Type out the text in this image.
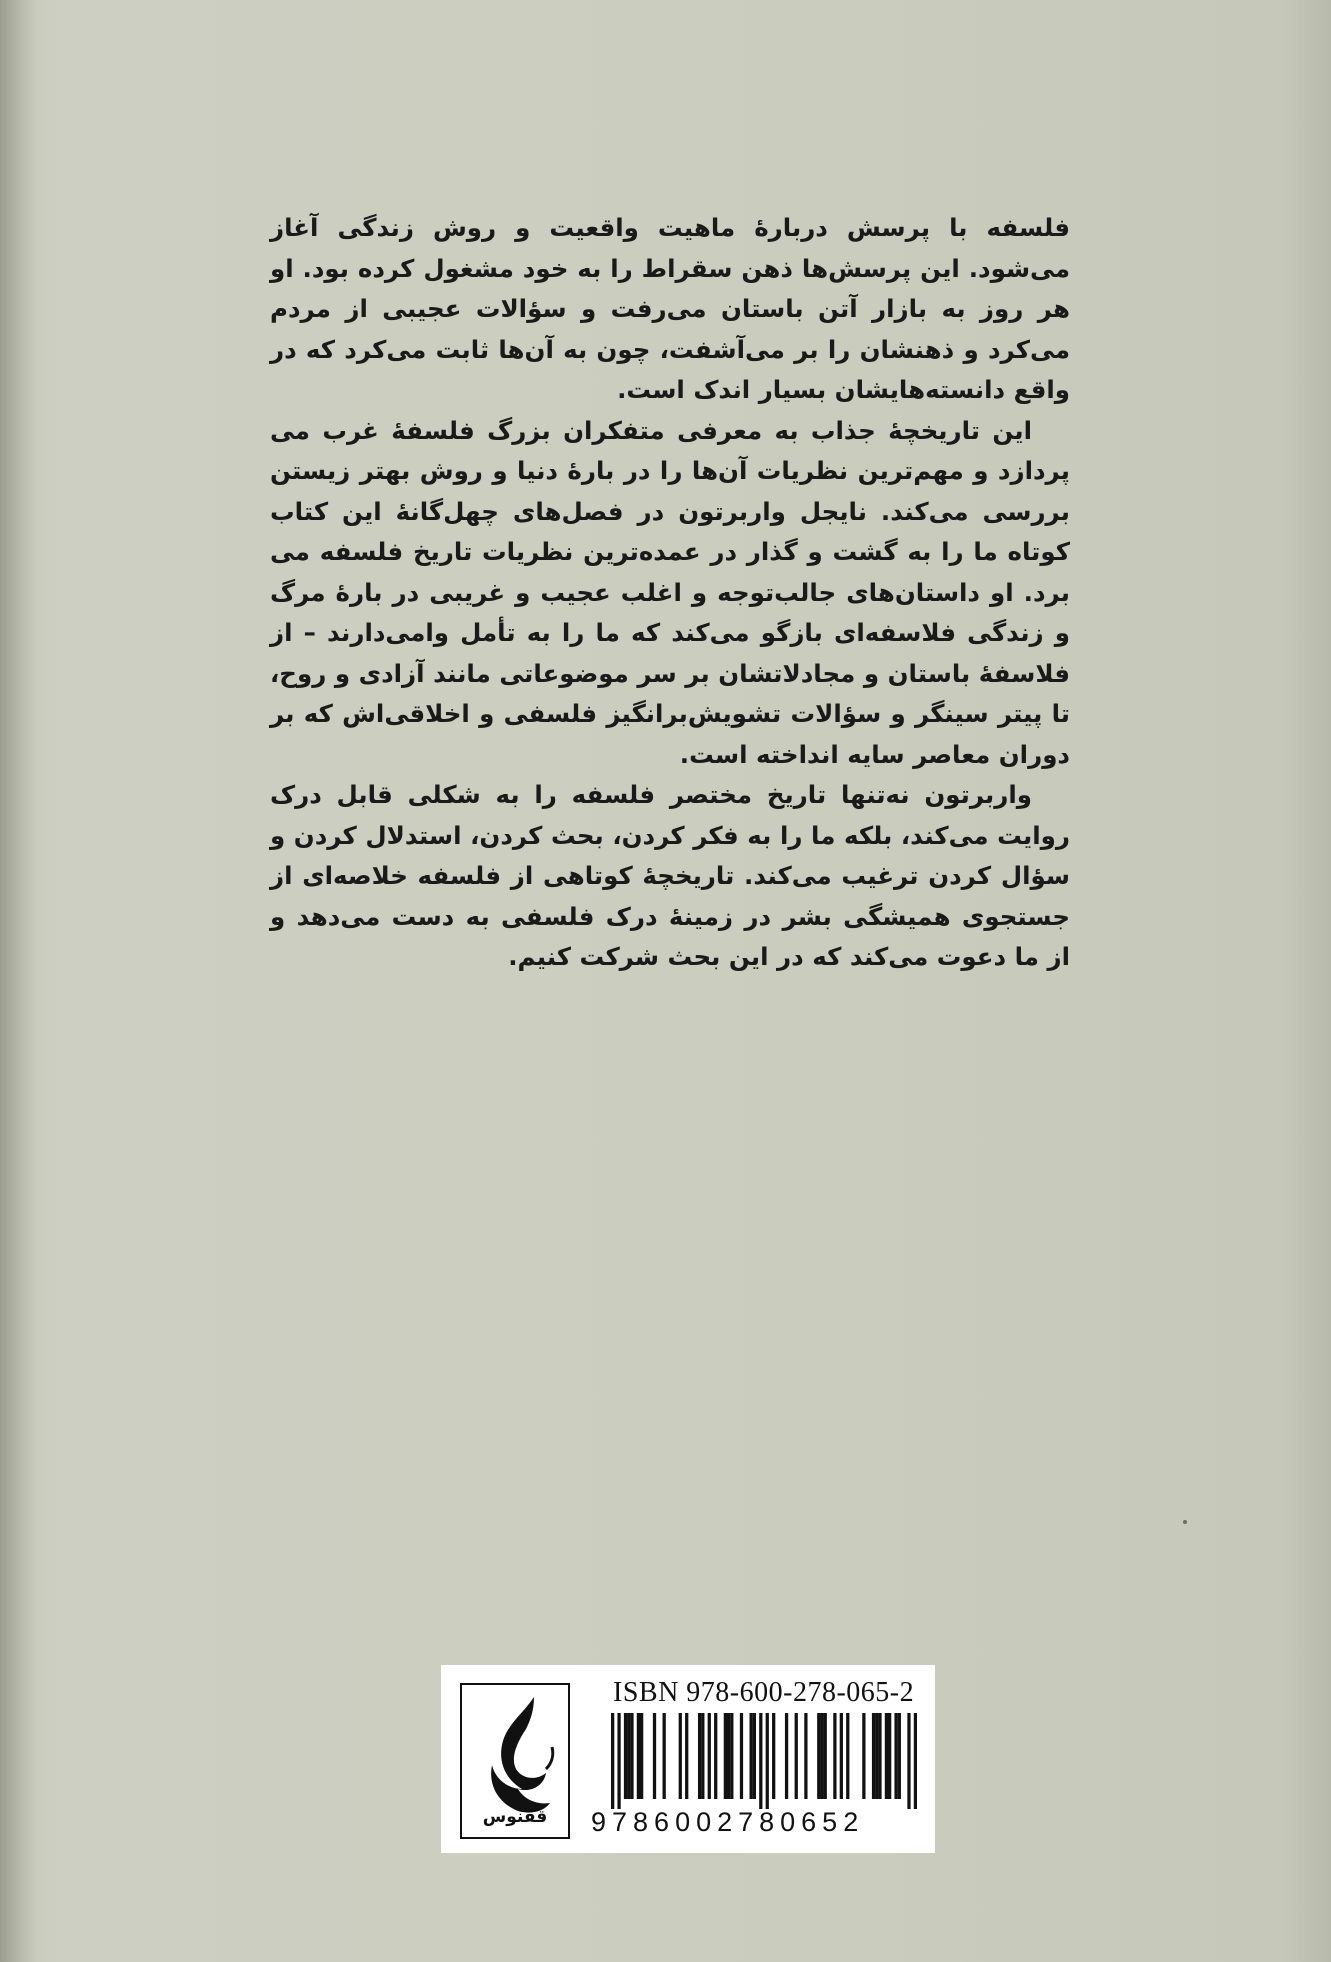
فلسفه با پرسش دربارهٔ ماهیت واقعیت و روش زندگی آغاز می‌شود. این پرسش‌ها ذهن سقراط را به خود مشغول کرده بود. او هر روز به بازار آتن باستان می‌رفت و سؤالات عجیبی از مردم می‌کرد و ذهنشان را بر می‌آشفت، چون به آن‌ها ثابت می‌کرد که در واقع دانسته‌هایشان بسیار اندک است.

این تاریخچهٔ جذاب به معرفی متفکران بزرگ فلسفهٔ غرب می پردازد و مهم‌ترین نظریات آن‌ها را در بارهٔ دنیا و روش بهتر زیستن بررسی می‌کند. نایجل واربرتون در فصل‌های چهل‌گانهٔ این کتاب کوتاه ما را به گشت و گذار در عمده‌ترین نظریات تاریخ فلسفه می برد. او داستان‌های جالب‌توجه و اغلب عجیب و غریبی در بارهٔ مرگ و زندگی فلاسفه‌ای بازگو می‌کند که ما را به تأمل وامی‌دارند – از فلاسفهٔ باستان و مجادلاتشان بر سر موضوعاتی مانند آزادی و روح، تا پیتر سینگر و سؤالات تشویش‌برانگیز فلسفی و اخلاقی‌اش که بر دوران معاصر سایه انداخته است.

واربرتون نه‌تنها تاریخ مختصر فلسفه را به شکلی قابل درک روایت می‌کند، بلکه ما را به فکر کردن، بحث کردن، استدلال کردن و سؤال کردن ترغیب می‌کند. تاریخچهٔ کوتاهی از فلسفه خلاصه‌ای از جستجوی همیشگی بشر در زمینهٔ درک فلسفی به دست می‌دهد و از ما دعوت می‌کند که در این بحث شرکت کنیم.

ققنوس
ISBN 978-600-278-065-2
9786002780652
